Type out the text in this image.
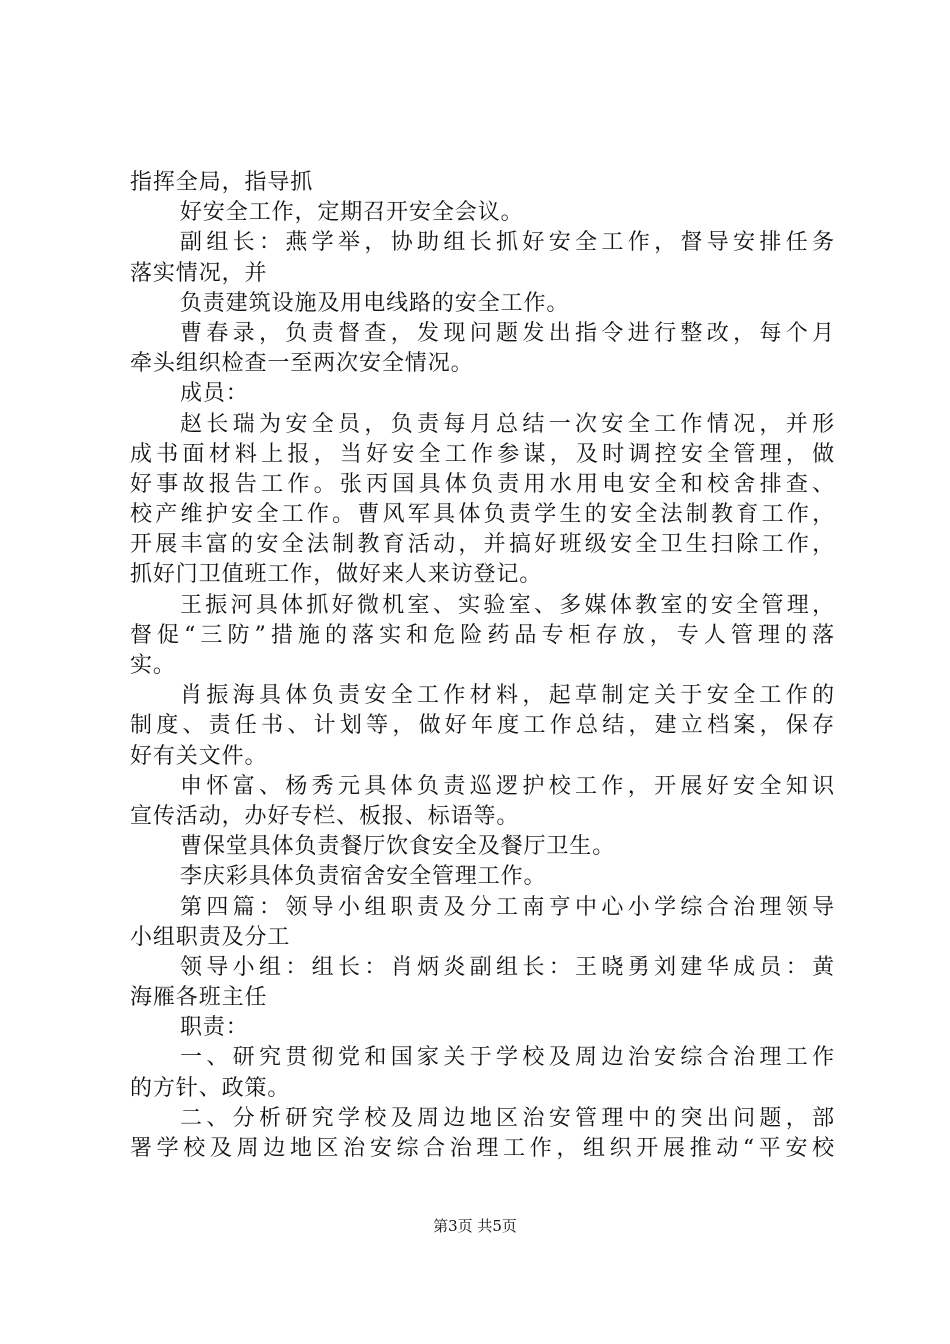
指挥全局，指导抓
好安全工作，定期召开安全会议。
副组长：燕学举，协助组长抓好安全工作，督导安排任务
落实情况，并
负责建筑设施及用电线路的安全工作。
曹春录，负责督查，发现问题发出指令进行整改，每个月
牵头组织检查一至两次安全情况。
成员：
赵长瑞为安全员，负责每月总结一次安全工作情况，并形
成书面材料上报，当好安全工作参谋，及时调控安全管理，做
好事故报告工作。张丙国具体负责用水用电安全和校舍排查、
校产维护安全工作。曹风军具体负责学生的安全法制教育工作，
开展丰富的安全法制教育活动，并搞好班级安全卫生扫除工作，
抓好门卫值班工作，做好来人来访登记。
王振河具体抓好微机室、实验室、多媒体教室的安全管理，
督促“三防”措施的落实和危险药品专柜存放，专人管理的落
实。
肖振海具体负责安全工作材料，起草制定关于安全工作的
制度、责任书、计划等，做好年度工作总结，建立档案，保存
好有关文件。
申怀富、杨秀元具体负责巡逻护校工作，开展好安全知识
宣传活动，办好专栏、板报、标语等。
曹保堂具体负责餐厅饮食安全及餐厅卫生。
李庆彩具体负责宿舍安全管理工作。
第四篇：领导小组职责及分工南亨中心小学综合治理领导
小组职责及分工
领导小组：组长：肖炳炎副组长：王晓勇刘建华成员：黄
海雁各班主任
职责：
一、研究贯彻党和国家关于学校及周边治安综合治理工作
的方针、政策。
二、分析研究学校及周边地区治安管理中的突出问题，部
署学校及周边地区治安综合治理工作，组织开展推动“平安校
第3页 共5页
